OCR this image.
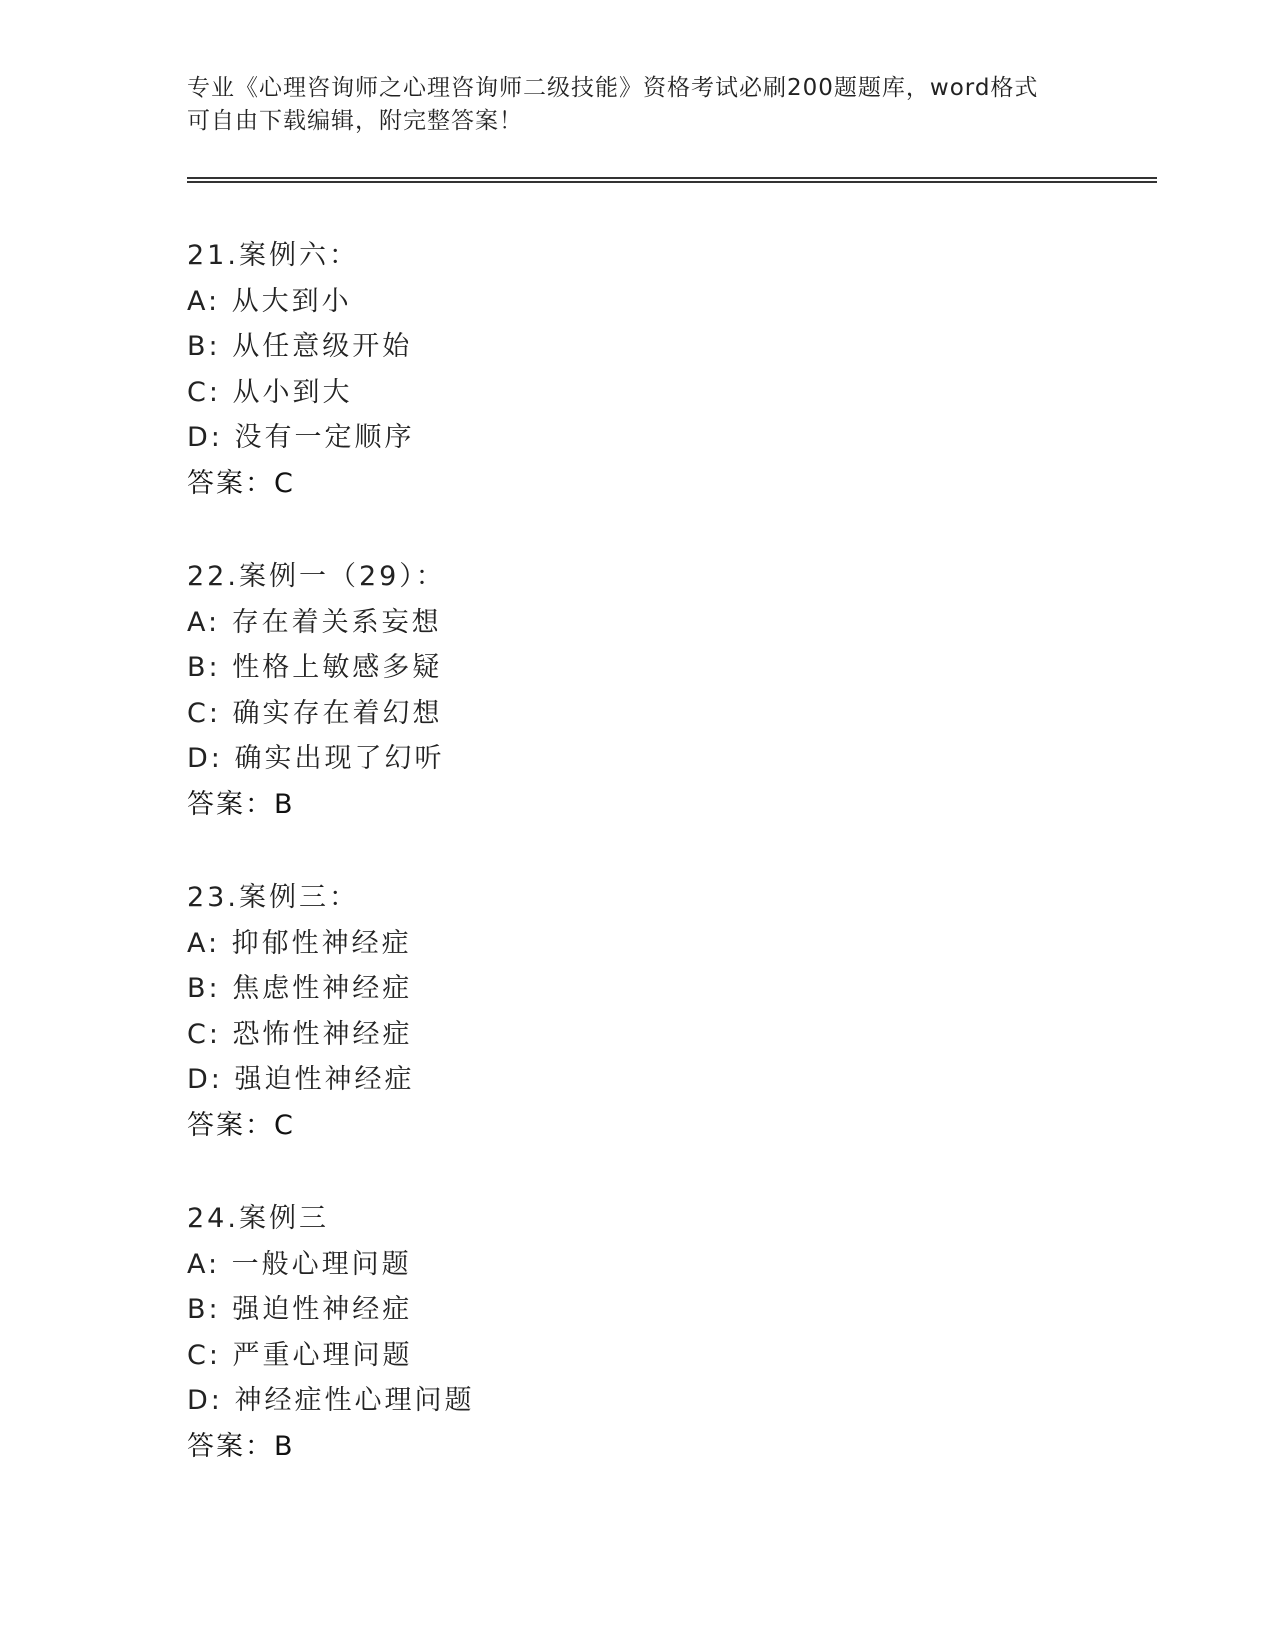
专业《心理咨询师之心理咨询师二级技能》资格考试必刷200题题库，word格式
可自由下载编辑，附完整答案！
21.案例六：
A: 从大到小
B: 从任意级开始
C: 从小到大
D: 没有一定顺序
答案：C
22.案例一（29）：
A: 存在着关系妄想
B: 性格上敏感多疑
C: 确实存在着幻想
D: 确实出现了幻听
答案：B
23.案例三：
A: 抑郁性神经症
B: 焦虑性神经症
C: 恐怖性神经症
D: 强迫性神经症
答案：C
24.案例三
A: 一般心理问题
B: 强迫性神经症
C: 严重心理问题
D: 神经症性心理问题
答案：B
